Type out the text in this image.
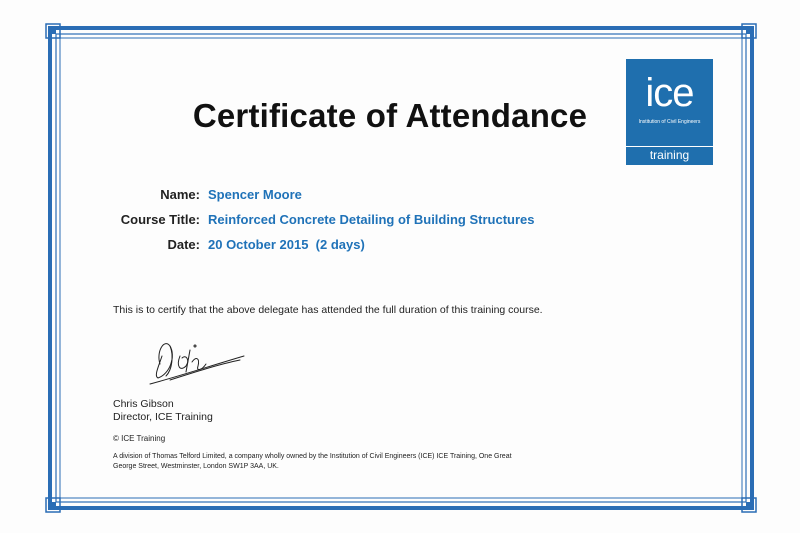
Certificate of Attendance
ice
Institution of Civil Engineers
training
Name: Spencer Moore
Course Title: Reinforced Concrete Detailing of Building Structures
Date: 20 October 2015  (2 days)
This is to certify that the above delegate has attended the full duration of this training course.
Chris Gibson
Director, ICE Training
© ICE Training
A division of Thomas Telford Limited, a company wholly owned by the Institution of Civil Engineers (ICE) ICE Training, One Great George Street, Westminster, London SW1P 3AA, UK.
